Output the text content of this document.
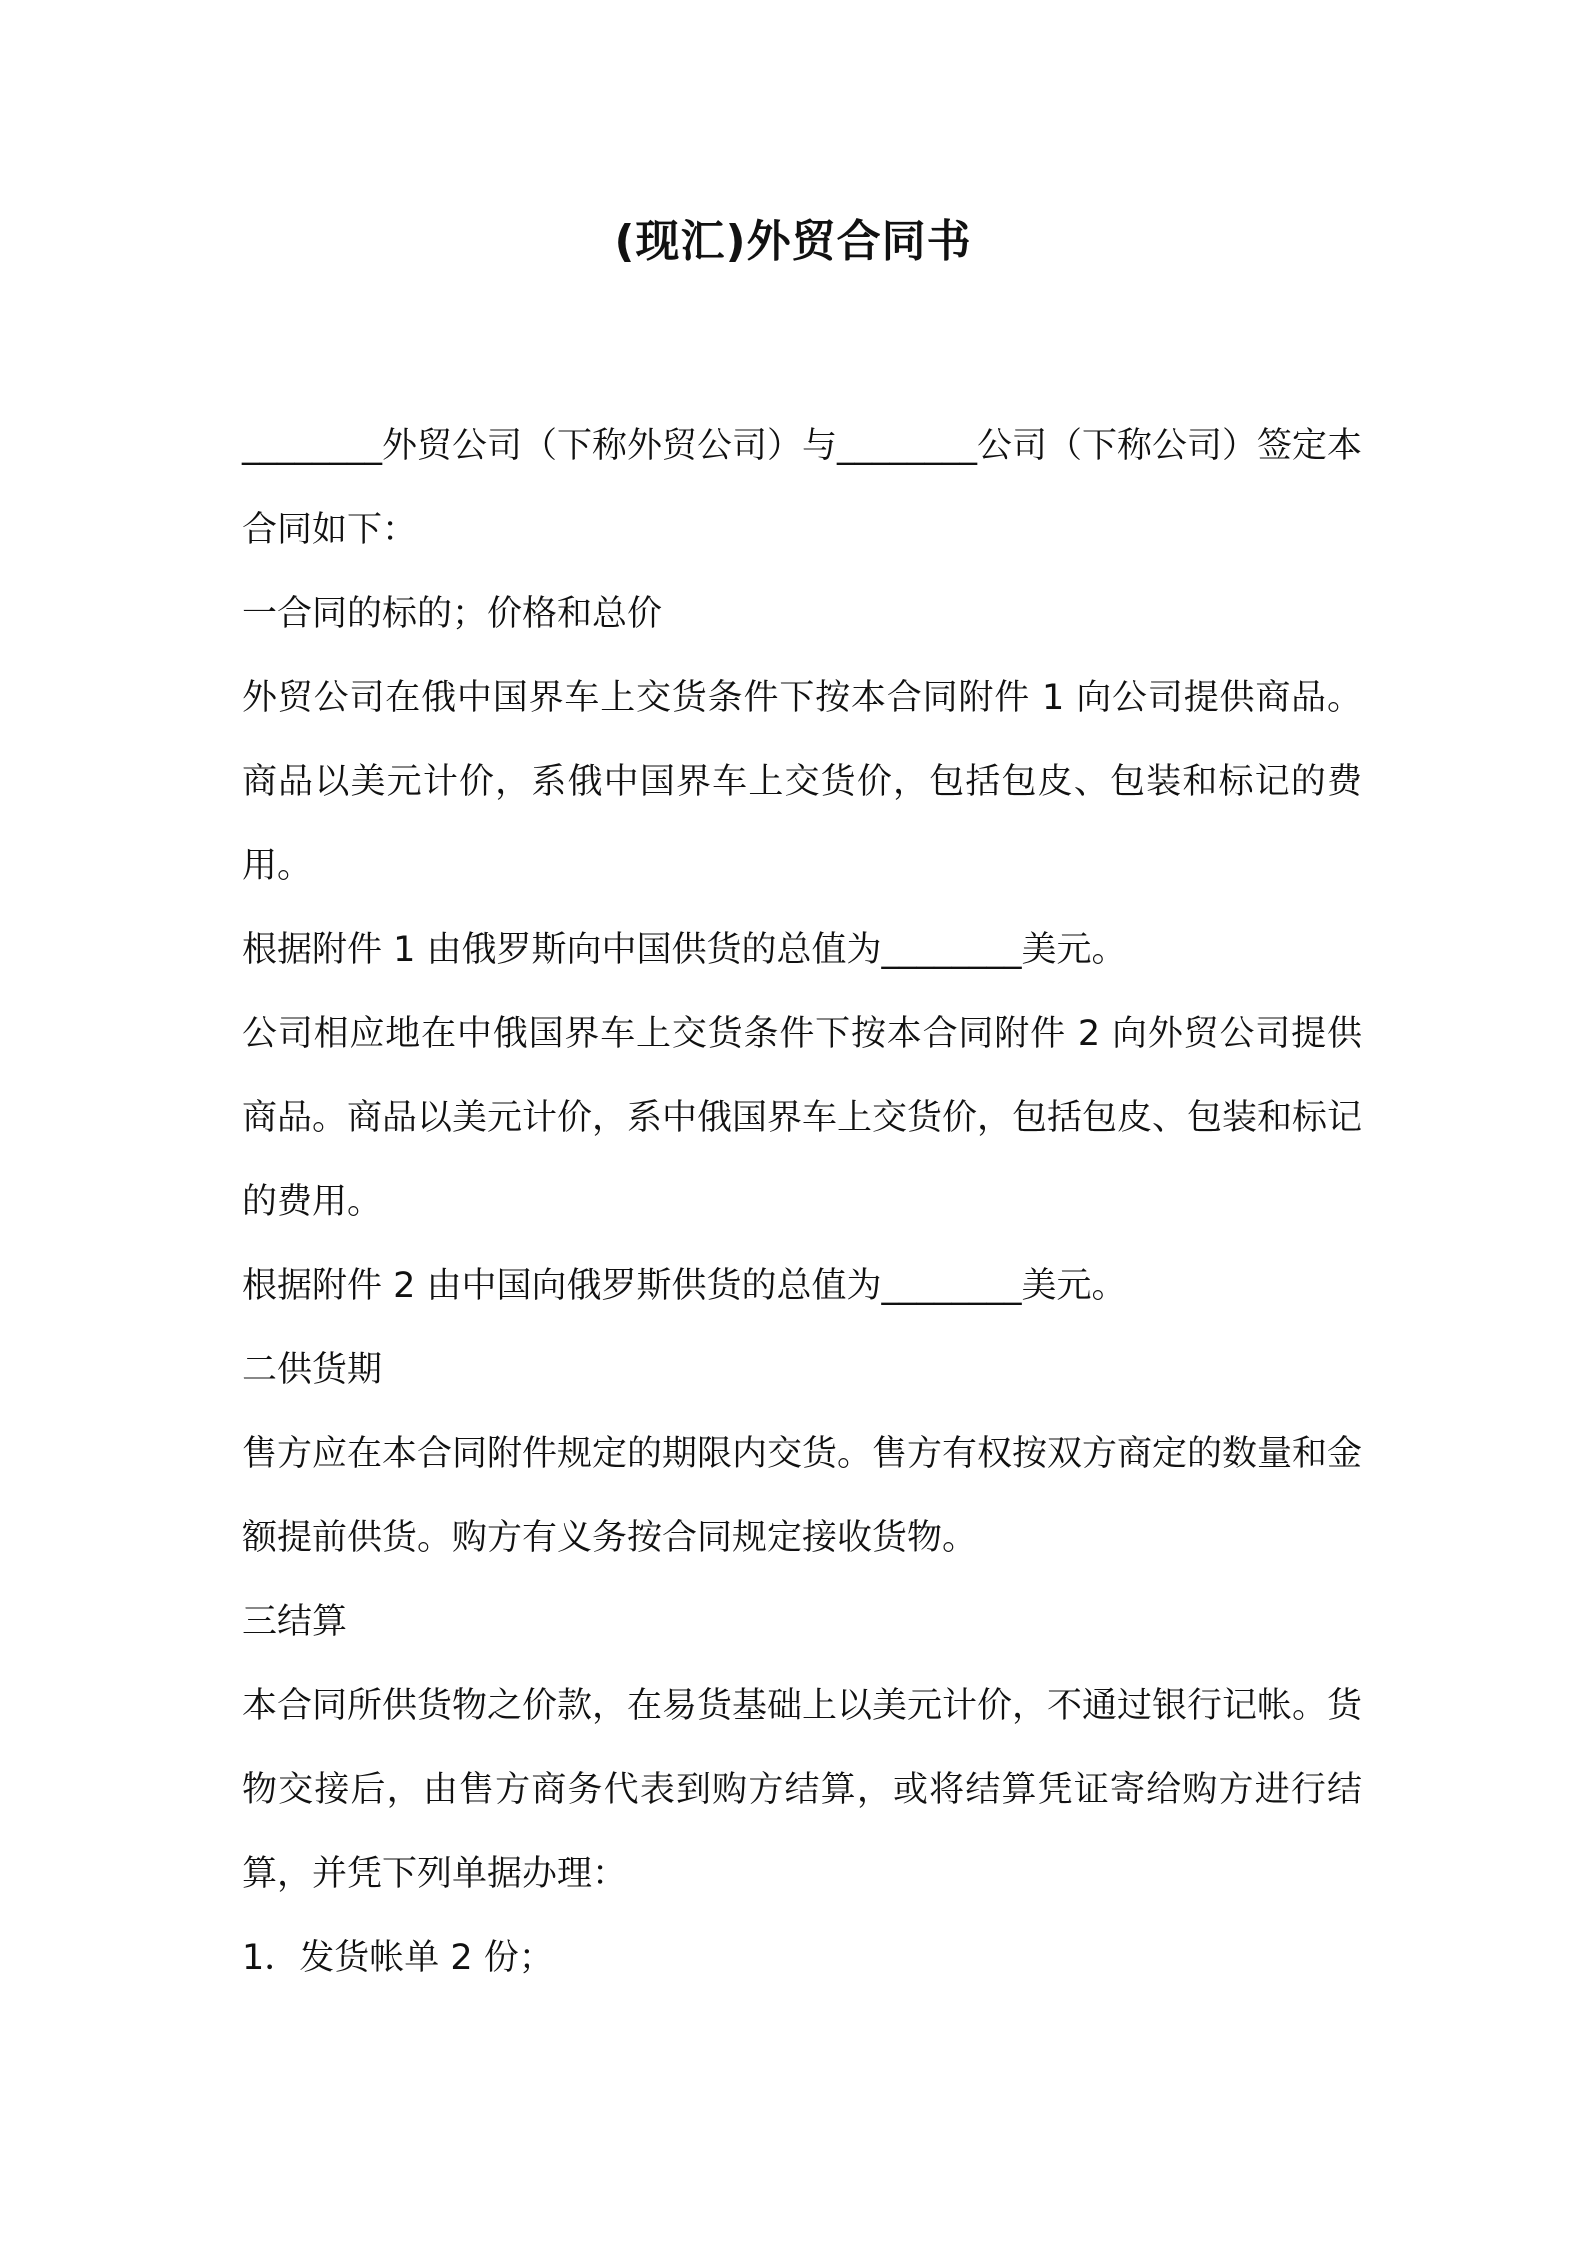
(现汇)外贸合同书

________外贸公司（下称外贸公司）与________公司（下称公司）签定本合同如下：

一合同的标的；价格和总价

外贸公司在俄中国界车上交货条件下按本合同附件 1 向公司提供商品。商品以美元计价，系俄中国界车上交货价，包括包皮、包装和标记的费用。

根据附件 1 由俄罗斯向中国供货的总值为________美元。

公司相应地在中俄国界车上交货条件下按本合同附件 2 向外贸公司提供商品。商品以美元计价，系中俄国界车上交货价，包括包皮、包装和标记的费用。

根据附件 2 由中国向俄罗斯供货的总值为________美元。

二供货期

售方应在本合同附件规定的期限内交货。售方有权按双方商定的数量和金额提前供货。购方有义务按合同规定接收货物。

三结算

本合同所供货物之价款，在易货基础上以美元计价，不通过银行记帐。货物交接后，由售方商务代表到购方结算，或将结算凭证寄给购方进行结算，并凭下列单据办理：

1．发货帐单 2 份；
